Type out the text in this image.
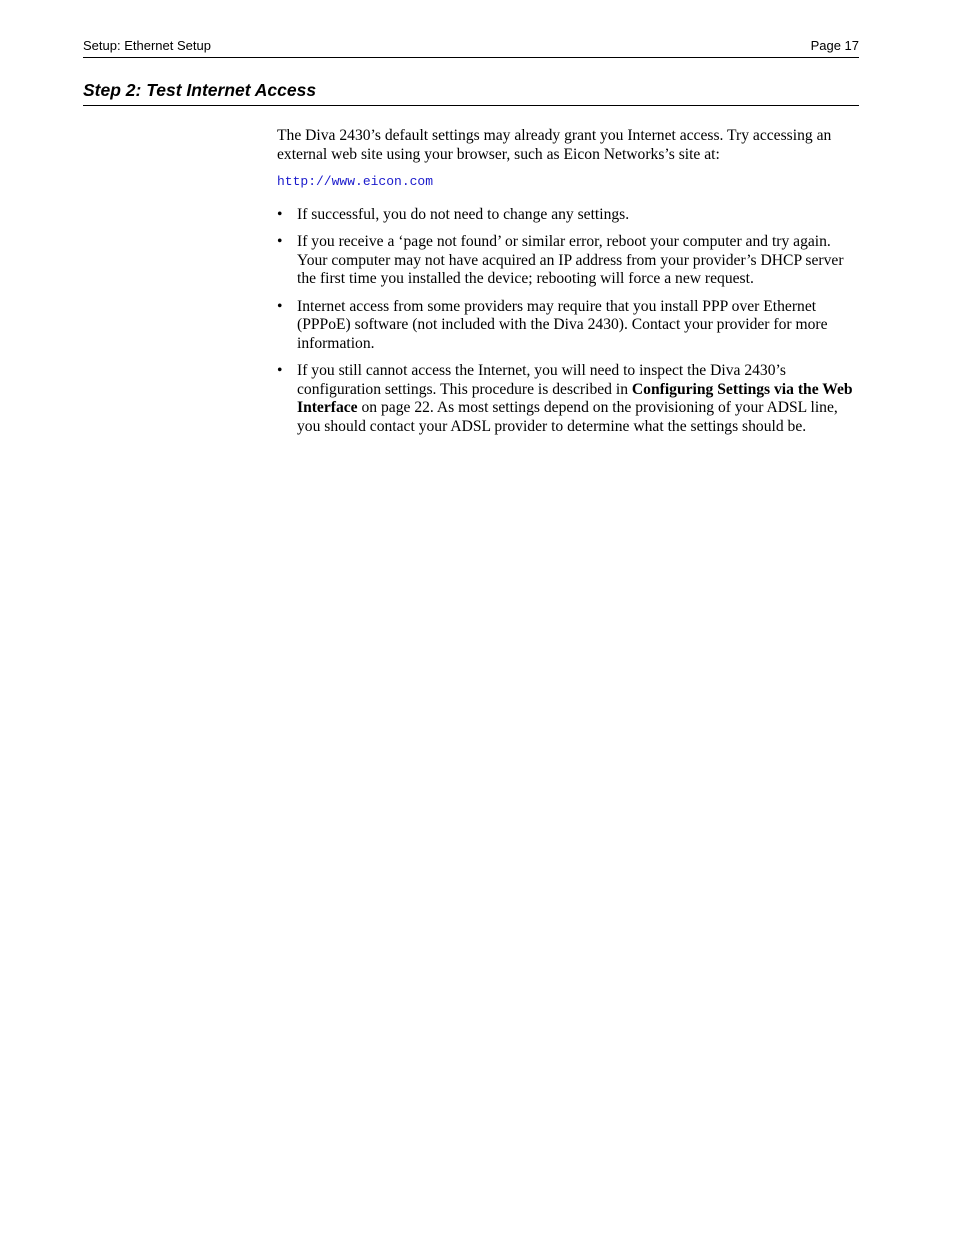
Setup: Ethernet Setup	Page 17
Step 2: Test Internet Access

The Diva 2430’s default settings may already grant you Internet access. Try accessing an external web site using your browser, such as Eicon Networks’s site at:

http://www.eicon.com
• If successful, you do not need to change any settings.
• If you receive a ‘page not found’ or similar error, reboot your computer and try again. Your computer may not have acquired an IP address from your provider’s DHCP server the first time you installed the device; rebooting will force a new request.
• Internet access from some providers may require that you install PPP over Ethernet (PPPoE) software (not included with the Diva 2430). Contact your provider for more information.
• If you still cannot access the Internet, you will need to inspect the Diva 2430’s configuration settings. This procedure is described in Configuring Settings via the Web Interface on page 22. As most settings depend on the provisioning of your ADSL line, you should contact your ADSL provider to determine what the settings should be.
